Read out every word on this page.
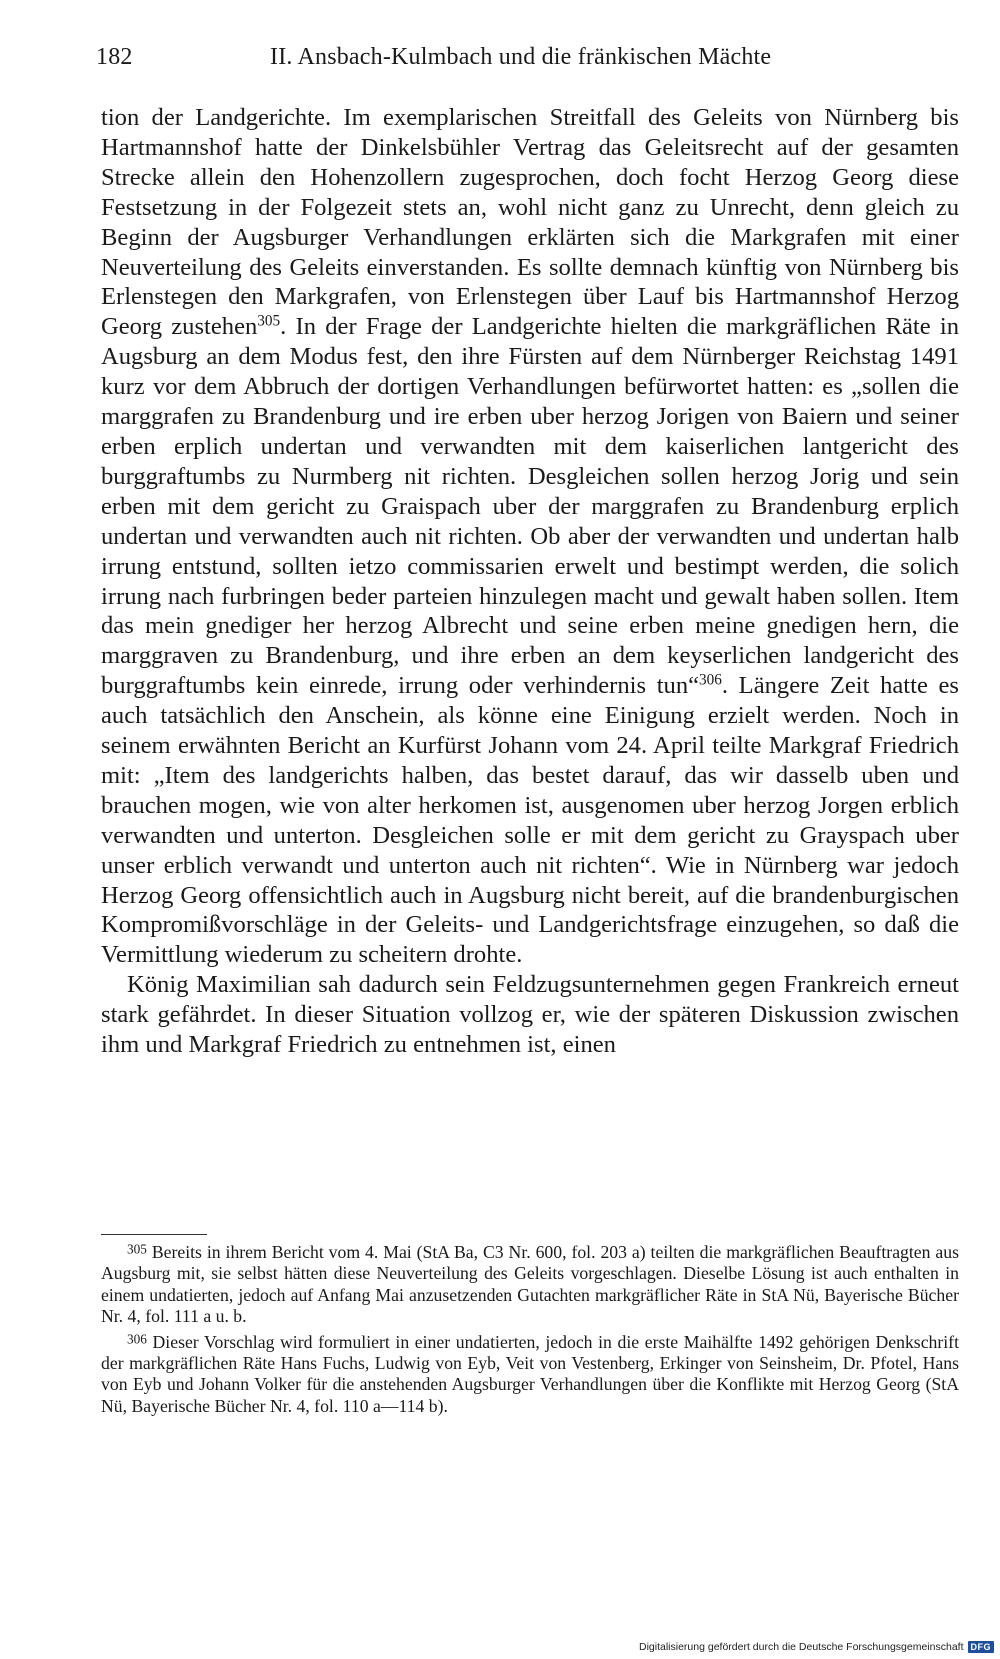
182	II. Ansbach-Kulmbach und die fränkischen Mächte

tion der Landgerichte. Im exemplarischen Streitfall des Geleits von Nürnberg bis Hartmannshof hatte der Dinkelsbühler Vertrag das Geleitsrecht auf der gesamten Strecke allein den Hohenzollern zugesprochen, doch focht Herzog Georg diese Festsetzung in der Folgezeit stets an, wohl nicht ganz zu Unrecht, denn gleich zu Beginn der Augsburger Verhandlungen erklärten sich die Markgrafen mit einer Neuverteilung des Geleits einverstanden. Es sollte demnach künftig von Nürnberg bis Erlenstegen den Markgrafen, von Erlenstegen über Lauf bis Hartmannshof Herzog Georg zustehen$^{305}$. In der Frage der Landgerichte hielten die markgräflichen Räte in Augsburg an dem Modus fest, den ihre Fürsten auf dem Nürnberger Reichstag 1491 kurz vor dem Abbruch der dortigen Verhandlungen befürwortet hatten: es „sollen die marggrafen zu Brandenburg und ire erben uber herzog Jorigen von Baiern und seiner erben erplich undertan und verwandten mit dem kaiserlichen lantgericht des burggraftumbs zu Nurmberg nit richten. Desgleichen sollen herzog Jorig und sein erben mit dem gericht zu Graispach uber der marggrafen zu Brandenburg erplich undertan und verwandten auch nit richten. Ob aber der verwandten und undertan halb irrung entstund, sollten ietzo commissarien erwelt und bestimpt werden, die solich irrung nach furbringen beder parteien hinzulegen macht und gewalt haben sollen. Item das mein gnediger her herzog Albrecht und seine erben meine gnedigen hern, die marggraven zu Brandenburg, und ihre erben an dem keyserlichen landgericht des burggraftumbs kein einrede, irrung oder verhindernis tun“$^{306}$. Längere Zeit hatte es auch tatsächlich den Anschein, als könne eine Einigung erzielt werden. Noch in seinem erwähnten Bericht an Kurfürst Johann vom 24. April teilte Markgraf Friedrich mit: „Item des landgerichts halben, das bestet darauf, das wir dasselb uben und brauchen mogen, wie von alter herkomen ist, ausgenomen uber herzog Jorgen erblich verwandten und unterton. Desgleichen solle er mit dem gericht zu Grayspach uber unser erblich verwandt und unterton auch nit richten“. Wie in Nürnberg war jedoch Herzog Georg offensichtlich auch in Augsburg nicht bereit, auf die brandenburgischen Kompromißvorschläge in der Geleits- und Landgerichtsfrage einzugehen, so daß die Vermittlung wiederum zu scheitern drohte.

König Maximilian sah dadurch sein Feldzugsunternehmen gegen Frankreich erneut stark gefährdet. In dieser Situation vollzog er, wie der späteren Diskussion zwischen ihm und Markgraf Friedrich zu entnehmen ist, einen

$^{305}$ Bereits in ihrem Bericht vom 4. Mai (StA Ba, C3 Nr. 600, fol. 203 a) teilten die markgräflichen Beauftragten aus Augsburg mit, sie selbst hätten diese Neuverteilung des Geleits vorgeschlagen. Dieselbe Lösung ist auch enthalten in einem undatierten, jedoch auf Anfang Mai anzusetzenden Gutachten markgräflicher Räte in StA Nü, Bayerische Bücher Nr. 4, fol. 111 a u. b.

$^{306}$ Dieser Vorschlag wird formuliert in einer undatierten, jedoch in die erste Maihälfte 1492 gehörigen Denkschrift der markgräflichen Räte Hans Fuchs, Ludwig von Eyb, Veit von Vestenberg, Erkinger von Seinsheim, Dr. Pfotel, Hans von Eyb und Johann Volker für die anstehenden Augsburger Verhandlungen über die Konflikte mit Herzog Georg (StA Nü, Bayerische Bücher Nr. 4, fol. 110 a—114 b).

Digitalisierung gefördert durch die Deutsche Forschungsgemeinschaft DFG
